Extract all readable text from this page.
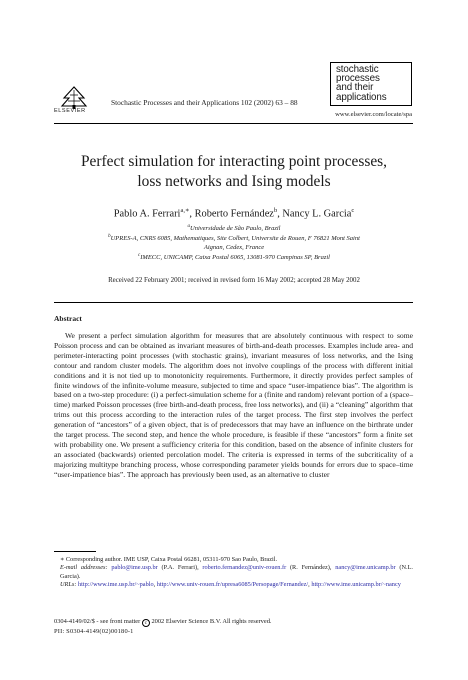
ELSEVIER
Stochastic Processes and their Applications 102 (2002) 63 – 88
stochastic
processes
and their
applications
www.elsevier.com/locate/spa
Perfect simulation for interacting point processes,
loss networks and Ising models
Pablo A. Ferrari$^{a,∗}$, Roberto Fernández$^b$, Nancy L. Garcia$^c$
$^a$Universidade de São Paulo, Brazil
$^b$UPRES-A, CNRS 6085, Mathematiques, Site Colbert, Universite de Rouen, F 76821 Mont Saint
Aignan, Cedex, France
$^c$IMECC, UNICAMP, Caixa Postal 6065, 13081-970 Campinas SP, Brazil
Received 22 February 2001; received in revised form 16 May 2002; accepted 28 May 2002
Abstract
We present a perfect simulation algorithm for measures that are absolutely continuous with respect to some Poisson process and can be obtained as invariant measures of birth-and-death processes. Examples include area- and perimeter-interacting point processes (with stochastic grains), invariant measures of loss networks, and the Ising contour and random cluster models. The algorithm does not involve couplings of the process with different initial conditions and it is not tied up to monotonicity requirements. Furthermore, it directly provides perfect samples of finite windows of the infinite-volume measure, subjected to time and space “user-impatience bias”. The algorithm is based on a two-step procedure: (i) a perfect-simulation scheme for a (finite and random) relevant portion of a (space–time) marked Poisson processes (free birth-and-death process, free loss networks), and (ii) a “cleaning” algorithm that trims out this process according to the interaction rules of the target process. The first step involves the perfect generation of “ancestors” of a given object, that is of predecessors that may have an influence on the birthrate under the target process. The second step, and hence the whole procedure, is feasible if these “ancestors” form a finite set with probability one. We present a sufficiency criteria for this condition, based on the absence of infinite clusters for an associated (backwards) oriented percolation model. The criteria is expressed in terms of the subcriticality of a majorizing multitype branching process, whose corresponding parameter yields bounds for errors due to space–time “user-impatience bias”. The approach has previously been used, as an alternative to cluster
∗ Corresponding author. IME USP, Caixa Postal 66281, 05311-970 Sao Paulo, Brazil.
E-mail addresses: pablo@ime.usp.br (P.A. Ferrari), roberto.fernandez@univ-rouen.fr (R. Fernández), nancy@ime.unicamp.br (N.L. Garcia).
URLs: http://www.ime.usp.br/~pablo, http://www.univ-rouen.fr/upresa6085/Persopage/Fernandez/, http://www.ime.unicamp.br/~nancy
0304-4149/02/$ - see front matter c 2002 Elsevier Science B.V. All rights reserved.
PII: S0304-4149(02)00180-1
